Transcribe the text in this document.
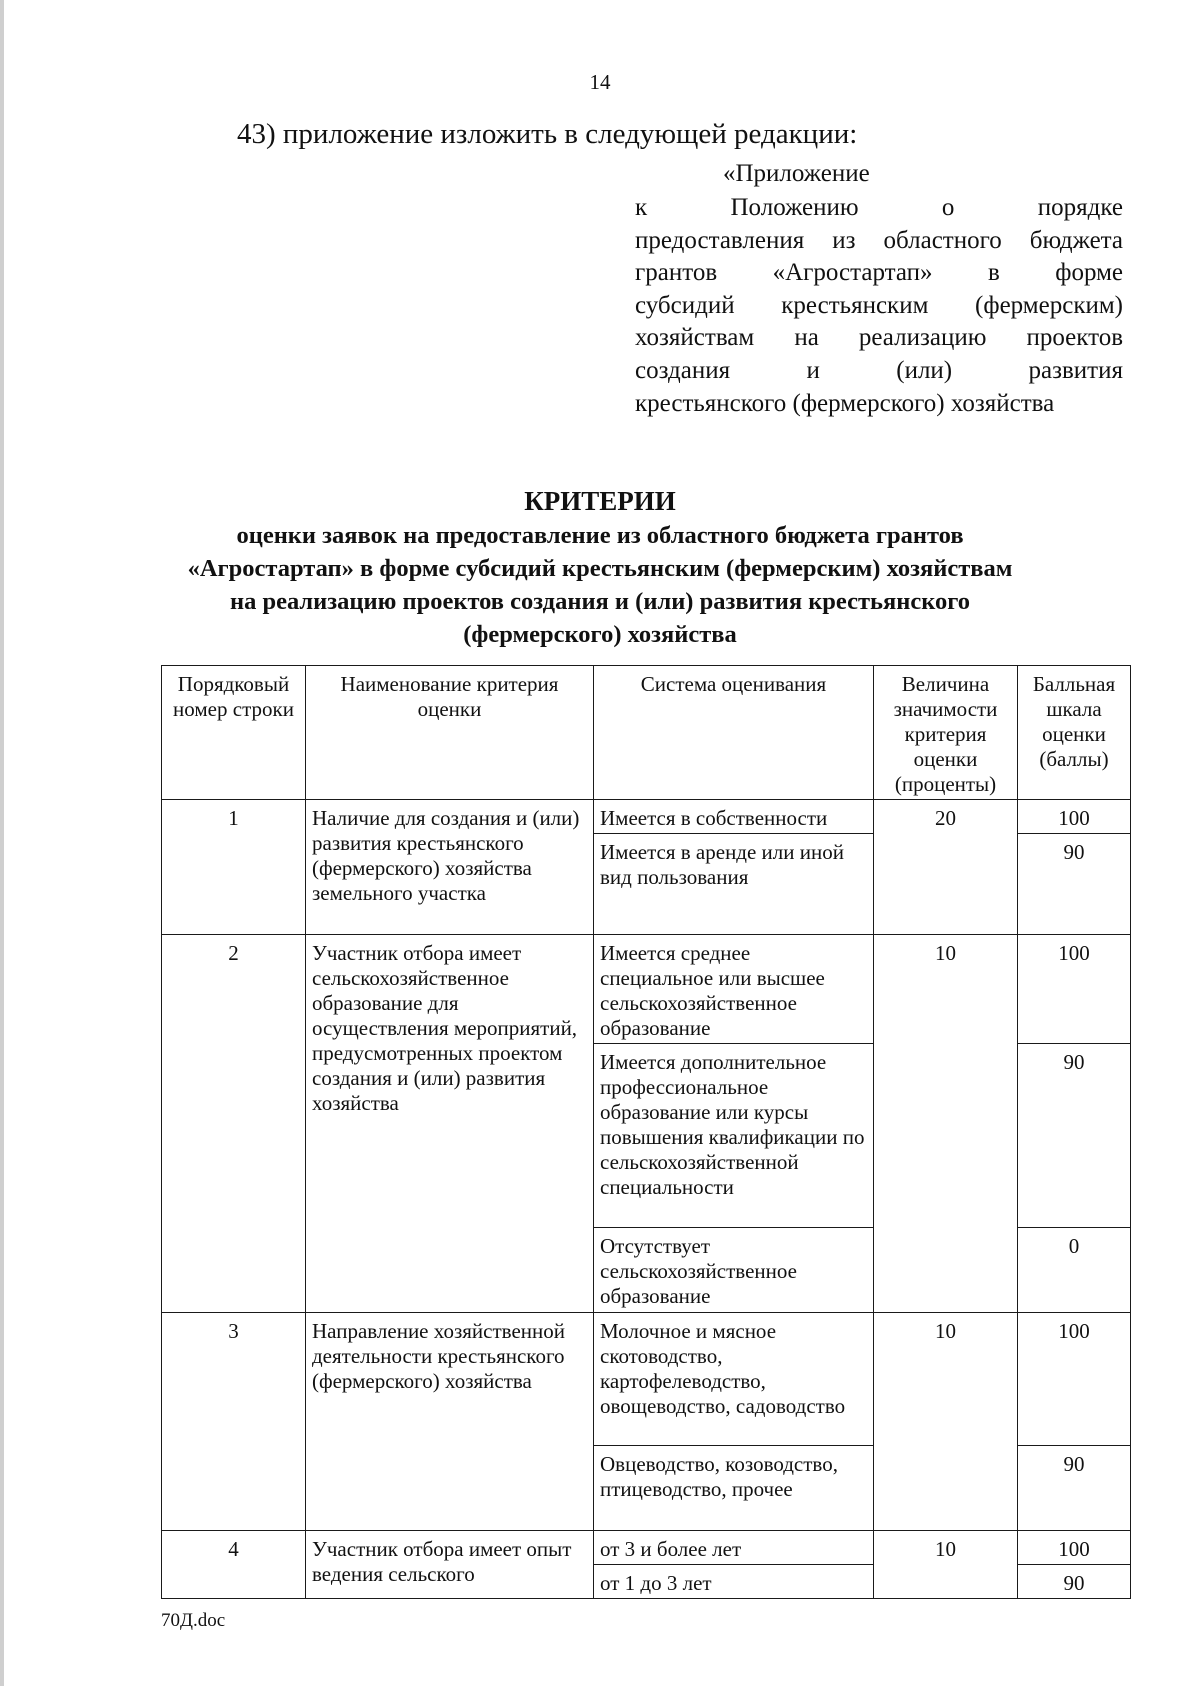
14
43) приложение изложить в следующей редакции:
«Приложение
к Положению о порядке
предоставления из областного бюджета
грантов «Агростартап» в форме
субсидий крестьянским (фермерским)
хозяйствам на реализацию проектов
создания и (или) развития
крестьянского (фермерского) хозяйства
КРИТЕРИИ
оценки заявок на предоставление из областного бюджета грантов
«Агростартап» в форме субсидий крестьянским (фермерским) хозяйствам
на реализацию проектов создания и (или) развития крестьянского
(фермерского) хозяйства
Порядковый номер строки	Наименование критерия оценки	Система оценивания	Величина значимости критерия оценки (проценты)	Балльная шкала оценки (баллы)
1	Наличие для создания и (или) развития крестьянского (фермерского) хозяйства земельного участка	Имеется в собственности	20	100
		Имеется в аренде или иной вид пользования		90
2	Участник отбора имеет сельскохозяйственное образование для осуществления мероприятий, предусмотренных проектом создания и (или) развития хозяйства	Имеется среднее специальное или высшее сельскохозяйственное образование	10	100
		Имеется дополнительное профессиональное образование или курсы повышения квалификации по сельскохозяйственной специальности		90
		Отсутствует сельскохозяйственное образование		0
3	Направление хозяйственной деятельности крестьянского (фермерского) хозяйства	Молочное и мясное скотоводство, картофелеводство, овощеводство, садоводство	10	100
		Овцеводство, козоводство, птицеводство, прочее		90
4	Участник отбора имеет опыт ведения сельского	от 3 и более лет	10	100
		от 1 до 3 лет		90
70Д.doc
